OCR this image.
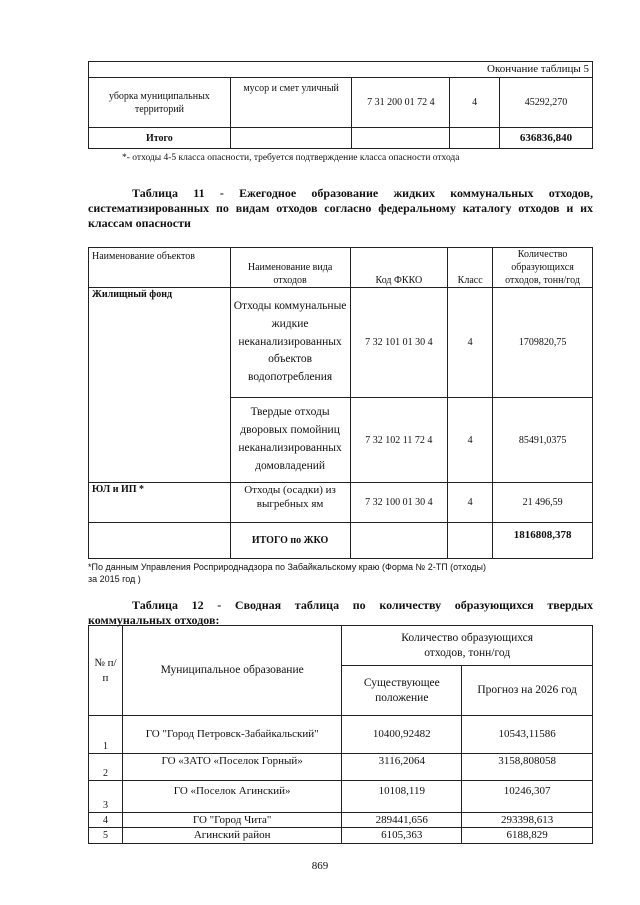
Окончание таблицы 5				
уборка муниципальных территорий	мусор и смет уличный	7 31 200 01 72 4	4	45292,270
Итого				636836,840
*- отходы 4-5 класса опасности, требуется подтверждение класса опасности отхода
Таблица 11 - Ежегодное образование жидких коммунальных отходов, систематизированных по видам отходов согласно федеральному каталогу отходов и их классам опасности
Наименование объектов	Наименование вида отходов	Код ФККО	Класс	Количество образующихся отходов, тонн/год
Жилищный фонд	Отходы коммунальные жидкие неканализированных объектов водопотребления	7 32 101 01 30 4	4	1709820,75
	Твердые отходы дворовых помойниц неканализированных домовладений	7 32 102 11 72 4	4	85491,0375
ЮЛ и ИП *	Отходы (осадки) из выгребных ям	7 32 100 01 30 4	4	21 496,59
	ИТОГО по ЖКО			1816808,378
*По данным Управления Росприроднадзора по Забайкальскому краю (Форма № 2-ТП (отходы)
за 2015 год )
Таблица 12 - Сводная таблица по количеству образующихся твердых коммунальных отходов:
№ п/п	Муниципальное образование	Количество образующихся отходов, тонн/год	
		Существующее положение	Прогноз на 2026 год
1	ГО "Город Петровск-Забайкальский"	10400,92482	10543,11586
2	ГО «ЗАТО «Поселок Горный»	3116,2064	3158,808058
3	ГО «Поселок Агинский»	10108,119	10246,307
4	ГО "Город Чита"	289441,656	293398,613
5	Агинский район	6105,363	6188,829
869
